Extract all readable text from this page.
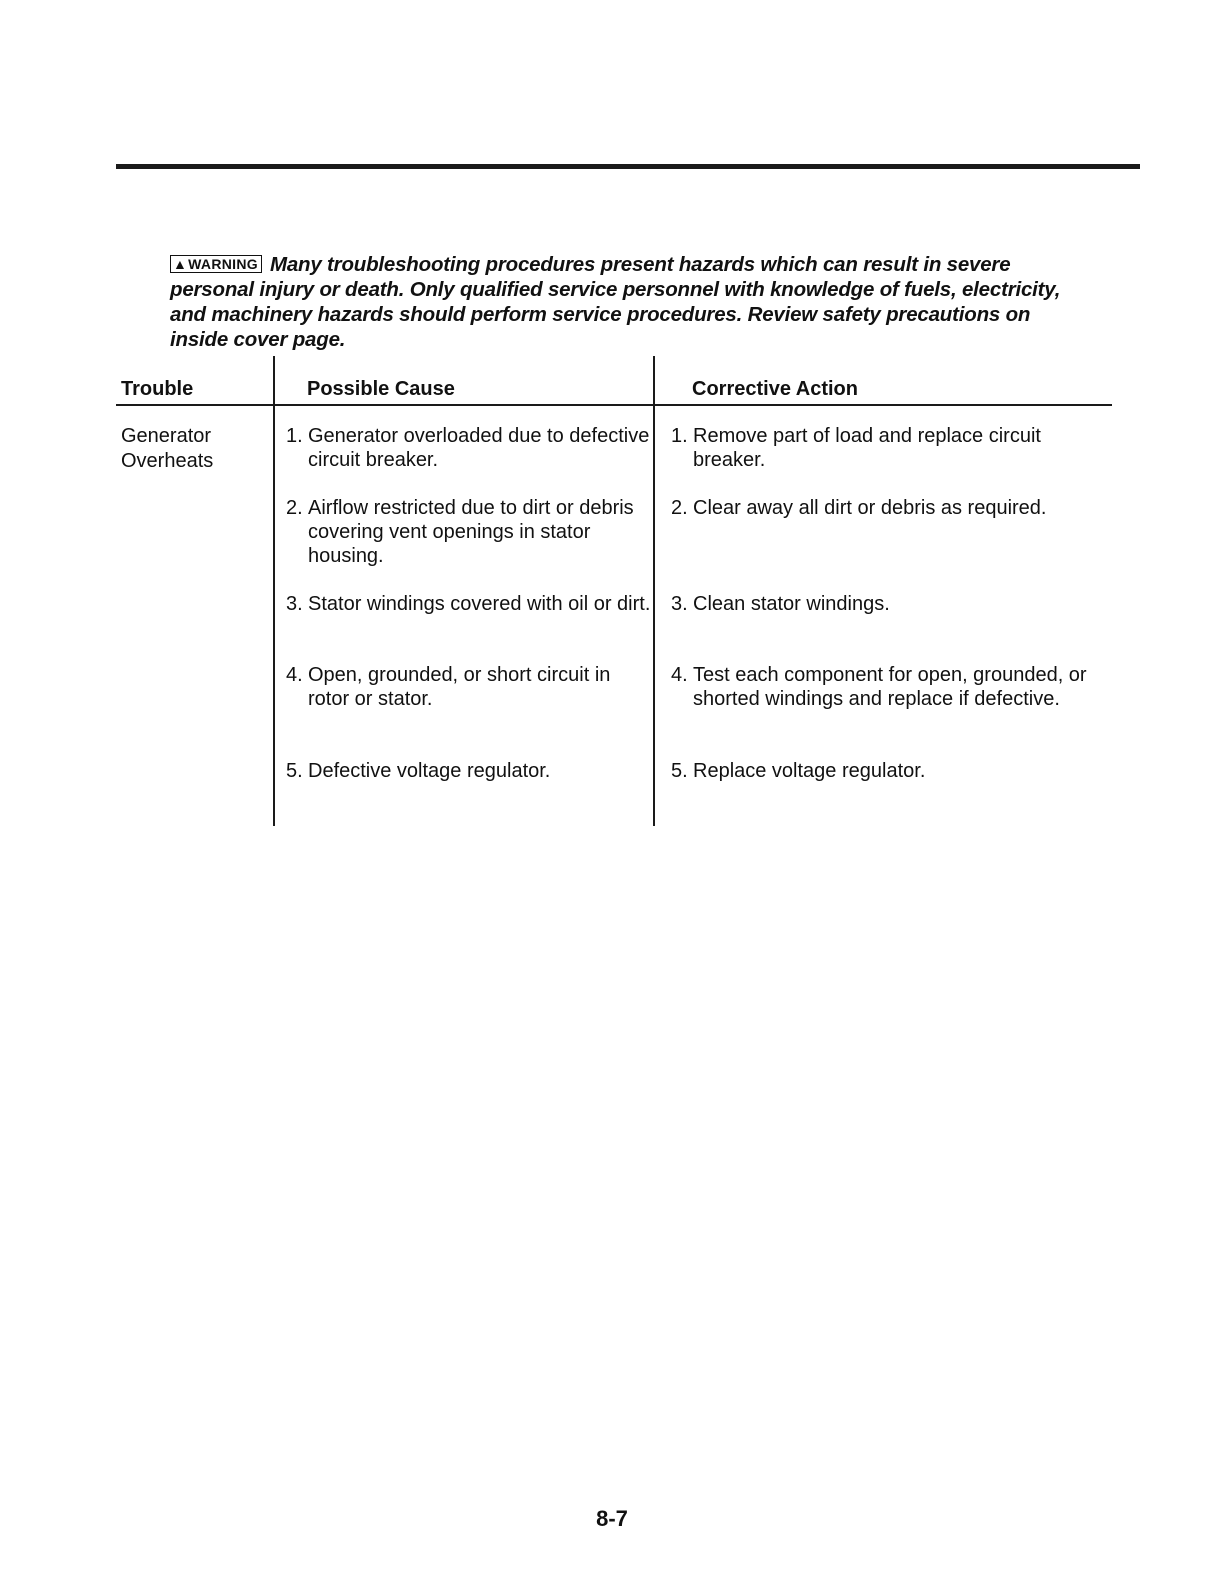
▲ WARNING Many troubleshooting procedures present hazards which can result in severe personal injury or death. Only qualified service personnel with knowledge of fuels, electricity, and machinery hazards should perform service procedures. Review safety precautions on inside cover page.
Trouble	Possible Cause	Corrective Action
Generator Overheats
1. Generator overloaded due to defective circuit breaker.
2. Airflow restricted due to dirt or debris covering vent openings in stator housing.
3. Stator windings covered with oil or dirt.
4. Open, grounded, or short circuit in rotor or stator.
5. Defective voltage regulator.
1. Remove part of load and replace circuit breaker.
2. Clear away all dirt or debris as required.
3. Clean stator windings.
4. Test each component for open, grounded, or shorted windings and replace if defective.
5. Replace voltage regulator.
8-7
